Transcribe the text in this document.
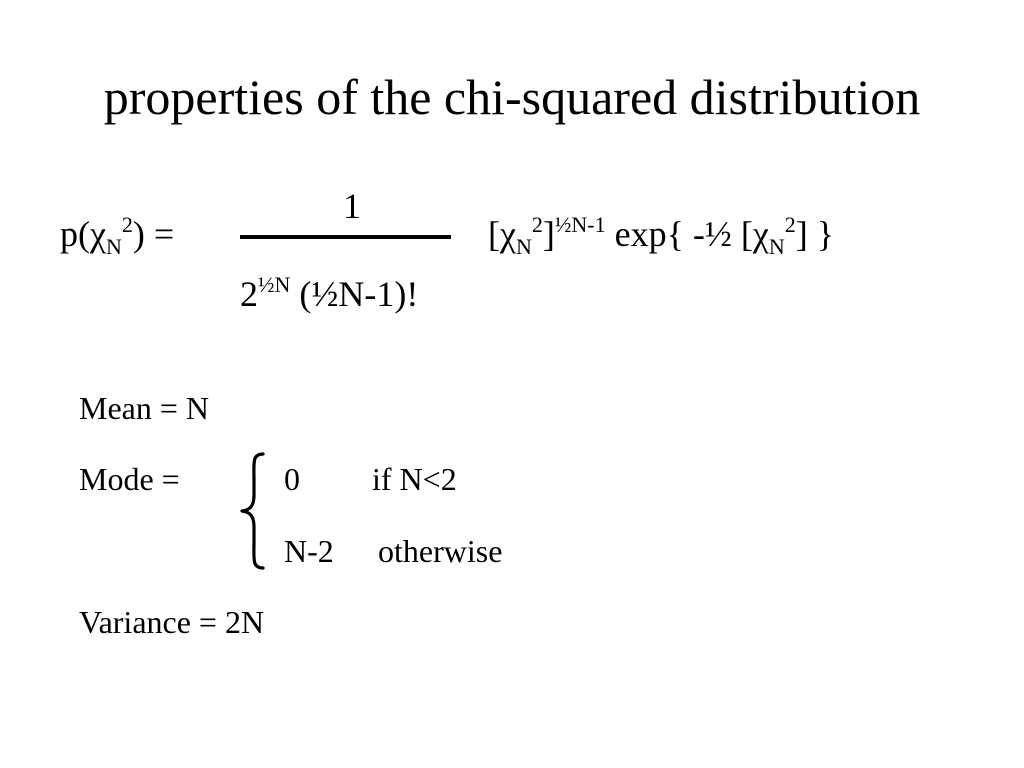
properties of the chi-squared distribution
$p(\chi_N^2)$ =
1
$2^{\frac{1}{2}N}$ (½N-1)!
$[\chi_N^2]^{\frac{1}{2}N-1}$ exp{ -½ $[\chi_N^2]$ }
Mean = N
Mode =	0 if N<2
N-2 otherwise
Variance = 2N
